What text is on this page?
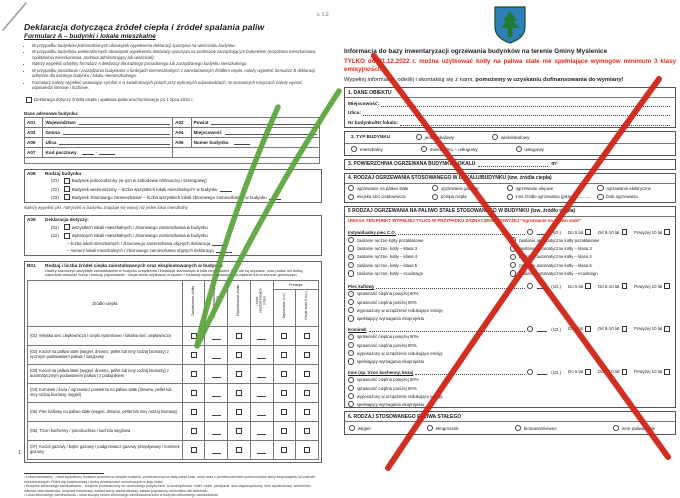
v. 1.2.
Deklaracja dotycząca źródeł ciepła i źródeł spalania paliw
Formularz A – budynki i lokale mieszkalne
• W przypadku budynków jednorodzinnych obowiązek wypełnienia deklaracji spoczywa na właścicielu budynku.
• W przypadku budynków wielorodzinnych obowiązek wypełnienia deklaracji spoczywa na podmiocie zarządzającym budynkiem (wspólnota mieszkaniowa, spółdzielnia mieszkaniowa, podmiot administrujący lub właściciel).
• Należy wypełnić odrębny formularz A deklaracji dla każdego posiadanego lub zarządzanego budynku mieszkalnego.
• W przypadku posiadania / zarządzania budynkami o funkcjach niemieszkalnych z zainstalowanym źródłem ciepła, należy wypełnić formularz B deklaracji odrębnie dla każdego budynku / lokalu niemieszkalnego.
• Formularz należy wypełnić wstawiając symbol X w kwadratowych polach przy wybranych odpowiedziach. W stosownych miejscach należy wpisać odpowiedzi literowe i liczbowe.
Deklaracja dotyczy źródła ciepła i spalania paliw uruchomionego po 1 lipca 2021 r.
Dane adresowe budynku:
A01	Województwo	A02	Powiat

A03	Gmina	A04	Miejscowość

A05	Ulica	A06	Numer budynku

A07	Kod pocztowy -		

A08	Rodzaj budynku
(01)	Budynek jednorodzinny (w tym w zabudowie bliźniaczej i szeregowej)
(02)	Budynek wielorodzinny – liczba wszystkich lokali mieszkalnych¹ w budynku
(03)	Budynek zbiorowego zamieszkania² – liczba wszystkich lokali zbiorowego zamieszkania³ w budynku
Należy wypełnić pkt. A09 jeżeli w budynku znajduje się więcej niż jeden lokal mieszkalny
A09	Deklaracja dotyczy:
(01)	wszystkich lokali mieszkalnych / zbiorowego zamieszkania w budynku
(02)	wybranych lokali mieszkalnych / zbiorowego zamieszkania w budynku
– liczba lokali mieszkalnych / zbiorowego zamieszkania objętych deklaracją
– numery lokali mieszkalnych / zbiorowego zamieszkania objętych deklaracją
B01	Rodzaj i liczba źródeł ciepła zainstalowanych oraz eksploatowanych w budynku
Należy zaznaczyć wszystkie zainstalowane w budynku urządzenia i instalacje stanowiące źródła ciepła nawet, jeśli nie są używane, oraz podać ich liczbę, natomiast wskazać liczbę i funkcję (ogrzewanie / ciepła woda użytkowa) urządzeń / instalacji wykorzystywanych na żądanie lub w sezonie grzewczym.
Źródło ciepła	Zainstalowane źródła	Liczba zainstalowanych źródeł	Eksploatowane źródła	Liczba eksploatowanych źródeł	Funkcja	
					Ogrzewanie (c.o.)	Ciepła woda (c.w.u.)
(01) Miejska sieć ciepłownicza / ciepło systemowe / lokalna sieć ciepłownicza						
(02) Kocioł na paliwa stałe (węgiel, drewno, pellet lub inny rodzaj biomasy) z ręcznym podawaniem paliwa / zasypowy						
(03) Kocioł na paliwa stałe (węgiel, drewno, pellet lub inny rodzaj biomasy) z automatycznym podawaniem paliwa / z podajnikiem						
(04) Kominek / koza / ogrzewacz powietrza na paliwo stałe (drewno, pellet lub inny rodzaj biomasy, węgiel)						
(05) Piec kaflowy na paliwo stałe (węgiel, drewno, pellet lub inny rodzaj biomasy)						
(06) Trzon kuchenny / piecokuchnia / kuchnia węglowa						
(07) Kocioł gazowy / bojler gazowy / podgrzewacz gazowy przepływowy / kominek gazowy						
¹ Lokal mieszkalny – lokal wydzielony trwałymi ścianami w obrębie budynku, przeznaczony na stały pobyt ludzi, który wraz z pomieszczeniami pomocniczymi służy zaspokajaniu ich potrzeb mieszkaniowych. Różni się powierzchnią i liczbą pomieszczeń wchodzących w jego skład.
² Budynek zbiorowego zamieszkania – budynek przeznaczony do okresowego pobytu ludzi, w szczególności: hotel, motel, pensjonat, dom wypoczynkowy, dom wycieczkowy, schronisko, internat, dom studencki, budynek koszarowy, zakład karny, areszt śledczy, zakład poprawczy, schronisko dla nieletnich.
³ Lokal zbiorowego zamieszkania – lokal służący celom zbiorowego zamieszkania ludzi w budynku zbiorowego zamieszkania.
1
Informacja do bazy inwentaryzacji ogrzewania budynków na terenie Gminy Myślenice
TYLKO do 31.12.2022 r. można użytkować kotły na paliwa stałe nie spełniające wymogów minimum 3 klasy emisyjności.
Wypełnij informację, odeślij i skontaktuj się z nami, pomożemy w uzyskaniu dofinansowania do wymiany!
1. DANE OBIEKTU
Miejscowość:
Ulica:
Nr budynku/Nr lokalu:
2. TYP BUDYNKU	jednolokalowy	wielolokalowy
mieszkalny	mieszkalno – usługowy	usługowy
3. POWIERZCHNIA OGRZEWANA BUDYNKU/LOKALU	m²
4. RODZAJ OGRZEWANIA STOSOWANEGO W LOKALU/BUDYNKU (tzw. źródła ciepła)
ogrzewanie na paliwo stałe	ogrzewanie gazowe	ogrzewanie olejowe	ogrzewanie elektryczne
miejska sieć ciepłownicza	pompa ciepła	inne źródło ogrzewania (jakie?) .............	brak ogrzewania
5 RODZAJ OGRZEWANIA NA PALIWO STAŁE STOSOWANEGO W BUDYNKU (tzw. źródło ciepła)
UWAGA TEN PUNKT WYPEŁNIJ TYLKO W PRZYPADKU ZAZNACZENIA POWYŻEJ "ogrzewanie na paliwo stałe"
Indywidualny piec C.O.	(szt.) Do 5 lat	Od 5-10 lat	Powyżej 10 lat
zasilanie ręczne kotły pozaklasowe	zasilanie automatyczne kotły pozaklasowe
zasilanie ręczne, kotły – klasa 3	zasilanie automatyczne kotły – klasa 3
zasilanie ręczne, kotły – klasa 4	zasilanie automatyczne kotły – klasa 4
zasilanie ręczne, kotły – klasa 5	zasilanie automatyczne kotły – klasa 5
zasilanie ręczne, kotły – ecodesign	zasilanie automatyczne kotły – ecodesign
Piec kaflowy	(szt.) Do 5 lat	Od 5-10 lat	Powyżej 10 lat
sprawność cieplna powyżej 80%
sprawność cieplna poniżej 80%
wyposażony w urządzenie redukujące emisję
spełniający wymagania ekoprojektu
Kominek	(szt.) Do 5 lat	Od 5-10 lat	Powyżej 10 lat
sprawność cieplna powyżej 80%
sprawność cieplna poniżej 80%
wyposażony w urządzenie redukujące emisję
spełniający wymagania ekoprojektu
Inne (np. trzon kuchenny, koza)	(szt.) Do 5 lat	Od 5-10 lat	Powyżej 10 lat
sprawność cieplna powyżej 80%
sprawność cieplna poniżej 80%
wyposażony w urządzenie redukujące emisję
spełniający wymagania ekoprojektu
6. RODZAJ STOSOWANEGO PALIWA STAŁEGO
węgiel	ekogroszek	biomasa/drewno	inne paliwa stałe
